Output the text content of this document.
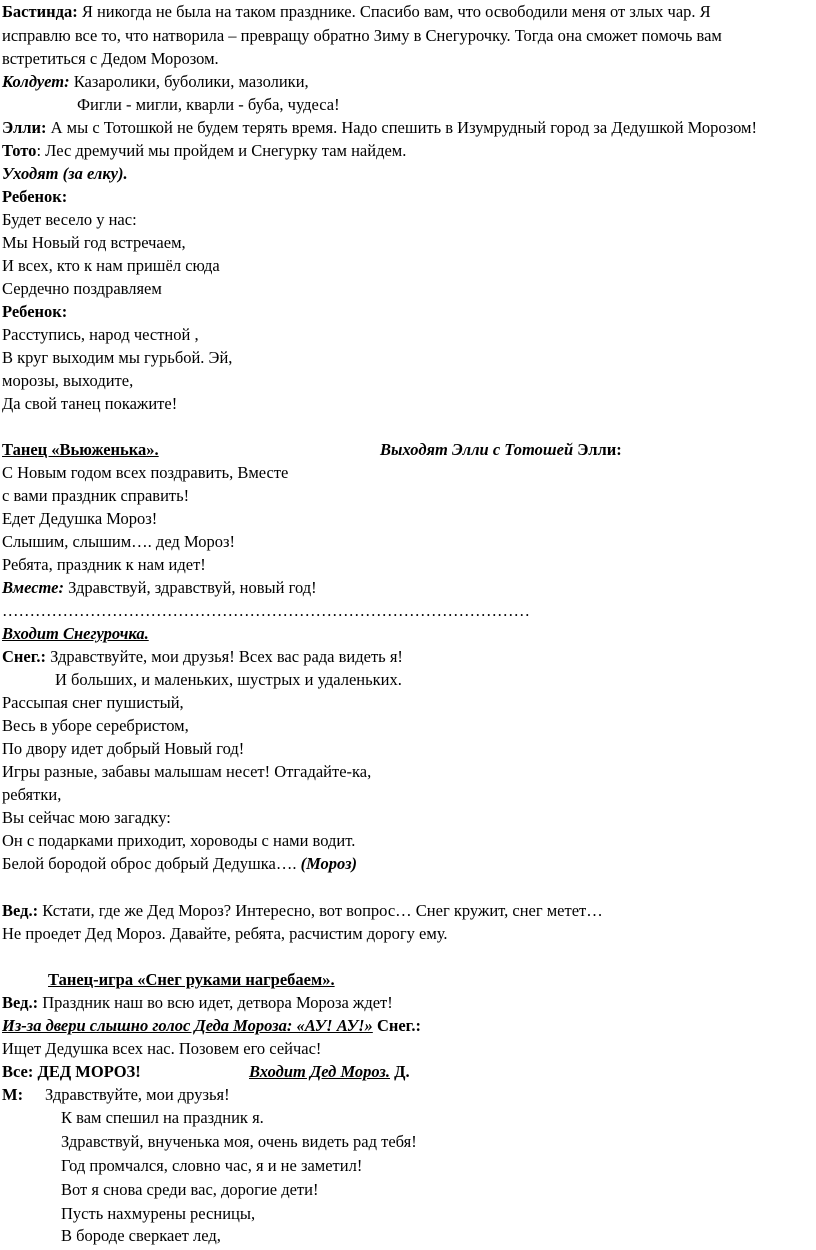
Бастинда: Я никогда не была на таком празднике. Спасибо вам, что освободили меня от злых чар. Я
исправлю все то, что натворила – превращу обратно Зиму в Снегурочку. Тогда она сможет помочь вам
встретиться с Дедом Морозом.
Колдует: Казаролики, буболики, мазолики,
Фигли - мигли, кварли - буба, чудеса!
Элли: А мы с Тотошкой не будем терять время. Надо спешить в Изумрудный город за Дедушкой Морозом!
Тото: Лес дремучий мы пройдем и Снегурку там найдем.
Уходят (за елку).
Ребенок:
Будет весело у нас:
Мы Новый год встречаем,
И всех, кто к нам пришёл сюда
Сердечно поздравляем
Ребенок:
Расступись, народ честной ,
В круг выходим мы гурьбой. Эй,
морозы, выходите,
Да свой танец покажите!
Танец «Вьюженька».	Выходят Элли с Тотошей Элли:
С Новым годом всех поздравить, Вместе
с вами праздник справить!
Едет Дедушка Мороз!
Слышим, слышим…. дед Мороз!
Ребята, праздник к нам идет!
Вместе: Здравствуй, здравствуй, новый год!
……………………………………………………………………………………
Входит Снегурочка.
Снег.: Здравствуйте, мои друзья! Всех вас рада видеть я!
И больших, и маленьких, шустрых и удаленьких.
Рассыпая снег пушистый,
Весь в уборе серебристом,
По двору идет добрый Новый год!
Игры разные, забавы малышам несет! Отгадайте-ка,
ребятки,
Вы сейчас мою загадку:
Он с подарками приходит, хороводы с нами водит.
Белой бородой оброс добрый Дедушка…. (Мороз)
Вед.: Кстати, где же Дед Мороз? Интересно, вот вопрос… Снег кружит, снег метет…
Не проедет Дед Мороз. Давайте, ребята, расчистим дорогу ему.
Танец-игра «Снег руками нагребаем».
Вед.: Праздник наш во всю идет, детвора Мороза ждет!
Из-за двери слышно голос Деда Мороза: «АУ! АУ!» Снег.:
Ищет Дедушка всех нас. Позовем его сейчас!
Все: ДЕД МОРОЗ!	Входит Дед Мороз. Д.
М: Здравствуйте, мои друзья!
К вам спешил на праздник я.
Здравствуй, внученька моя, очень видеть рад тебя!
Год промчался, словно час, я и не заметил!
Вот я снова среди вас, дорогие дети!
Пусть нахмурены ресницы,
В бороде сверкает лед,
